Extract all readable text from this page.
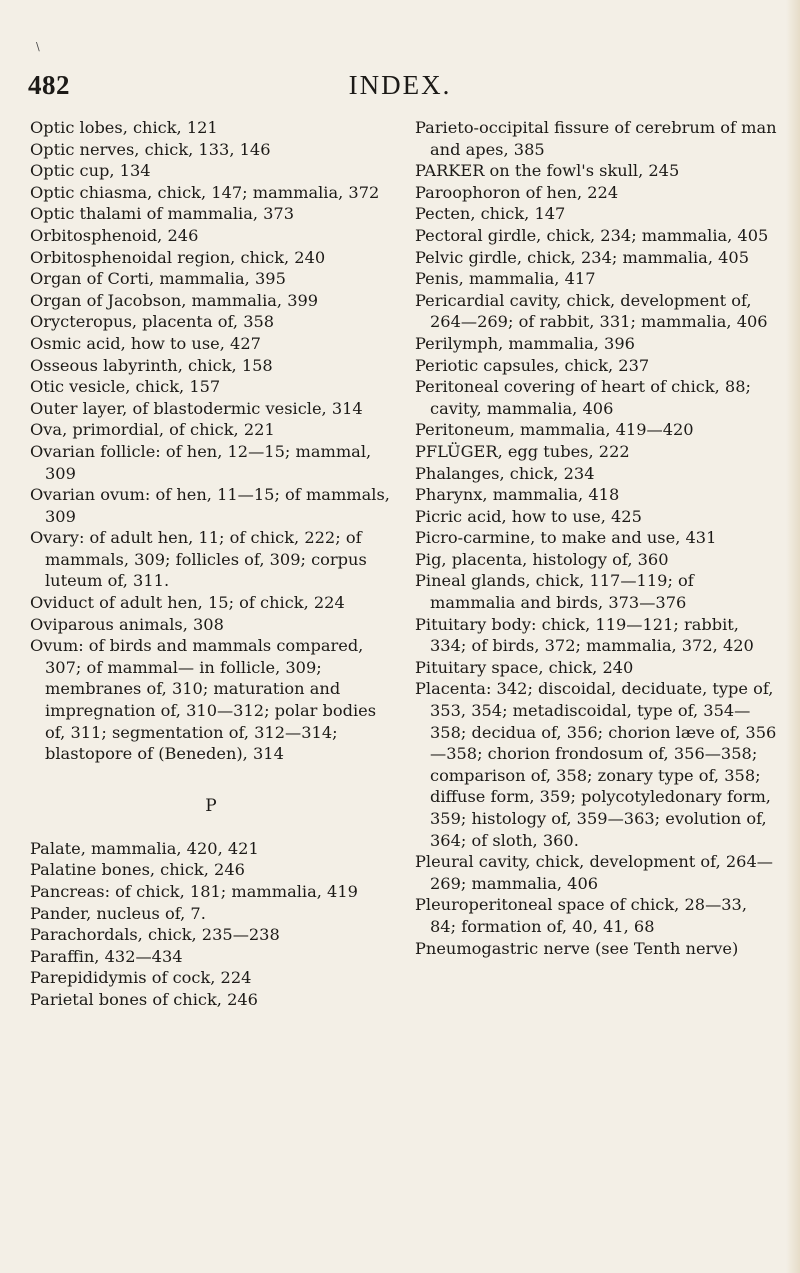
\
INDEX.
482

Optic lobes, chick, 121

Optic nerves, chick, 133, 146

Optic cup, 134

Optic chiasma, chick, 147; mammalia, 372

Optic thalami of mammalia, 373

Orbitosphenoid, 246

Orbitosphenoidal region, chick, 240

Organ of Corti, mammalia, 395

Organ of Jacobson, mammalia, 399

Orycteropus, placenta of, 358

Osmic acid, how to use, 427

Osseous labyrinth, chick, 158

Otic vesicle, chick, 157

Outer layer, of blastodermic vesicle, 314

Ova, primordial, of chick, 221

Ovarian follicle: of hen, 12—15; mammal, 309

Ovarian ovum: of hen, 11—15; of mammals, 309

Ovary: of adult hen, 11; of chick, 222; of mammals, 309; follicles of, 309; corpus luteum of, 311.

Oviduct of adult hen, 15; of chick, 224

Oviparous animals, 308

Ovum: of birds and mammals compared, 307; of mammal— in follicle, 309; membranes of, 310; maturation and impregnation of, 310—312; polar bodies of, 311; segmentation of, 312—314; blastopore of (Beneden), 314

P

Palate, mammalia, 420, 421

Palatine bones, chick, 246

Pancreas: of chick, 181; mammalia, 419

Pander, nucleus of, 7.

Parachordals, chick, 235—238

Paraffin, 432—434

Parepididymis of cock, 224

Parietal bones of chick, 246

Parieto-occipital fissure of cerebrum of man and apes, 385

PARKER on the fowl's skull, 245

Paroophoron of hen, 224

Pecten, chick, 147

Pectoral girdle, chick, 234; mammalia, 405

Pelvic girdle, chick, 234; mammalia, 405

Penis, mammalia, 417

Pericardial cavity, chick, development of, 264—269; of rabbit, 331; mammalia, 406

Perilymph, mammalia, 396

Periotic capsules, chick, 237

Peritoneal covering of heart of chick, 88; cavity, mammalia, 406

Peritoneum, mammalia, 419—420

PFLÜGER, egg tubes, 222

Phalanges, chick, 234

Pharynx, mammalia, 418

Picric acid, how to use, 425

Picro-carmine, to make and use, 431

Pig, placenta, histology of, 360

Pineal glands, chick, 117—119; of mammalia and birds, 373—376

Pituitary body: chick, 119—121; rabbit, 334; of birds, 372; mammalia, 372, 420

Pituitary space, chick, 240

Placenta: 342; discoidal, deciduate, type of, 353, 354; metadiscoidal, type of, 354—358; decidua of, 356; chorion læve of, 356—358; chorion frondosum of, 356—358; comparison of, 358; zonary type of, 358; diffuse form, 359; polycotyledonary form, 359; histology of, 359—363; evolution of, 364; of sloth, 360.

Pleural cavity, chick, development of, 264—269; mammalia, 406

Pleuroperitoneal space of chick, 28—33, 84; formation of, 40, 41, 68

Pneumogastric nerve (see Tenth nerve)
